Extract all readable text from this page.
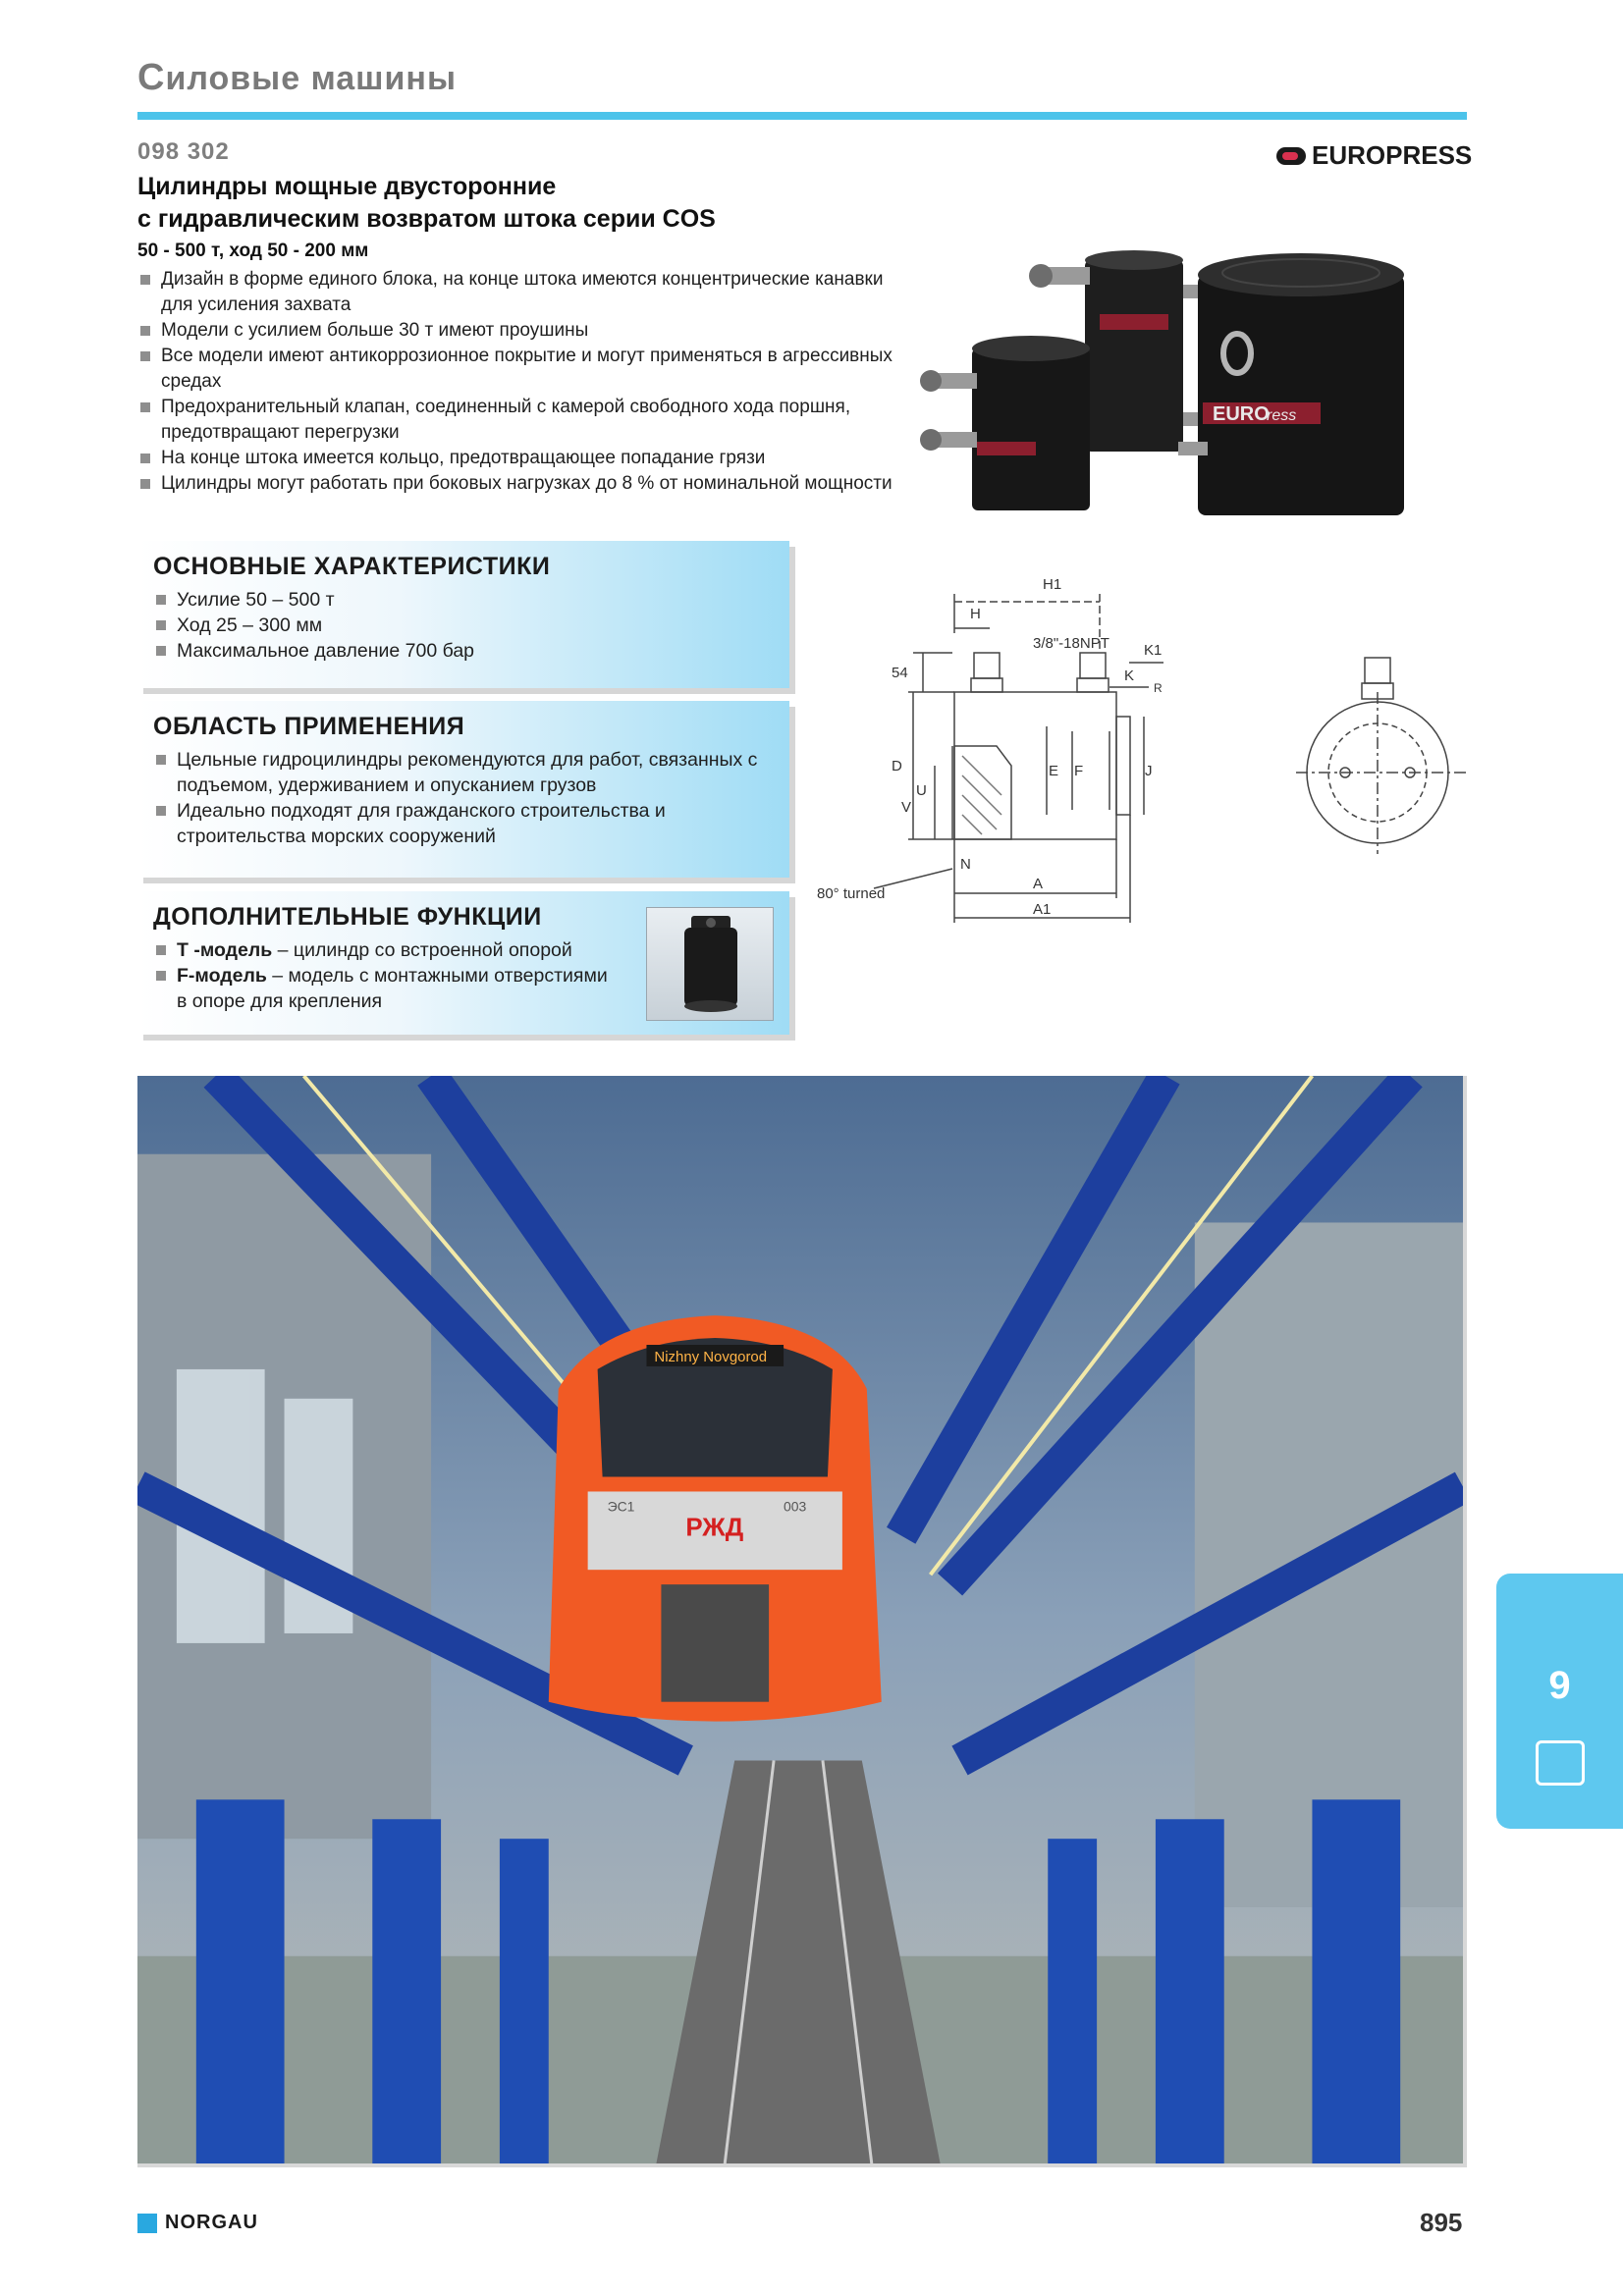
Силовые машины
098 302	EUROPRESS
Цилиндры мощные двусторонние
с гидравлическим возвратом штока серии COS
50 - 500 т, ход 50 - 200 мм
Дизайн в форме единого блока, на конце штока имеются концентрические канавки для усиления захвата
Модели с усилием больше 30 т имеют проушины
Все модели имеют антикоррозионное покрытие и могут применяться в агрессивных средах
Предохранительный клапан, соединенный с камерой свободного хода поршня, предотвращают перегрузки
На конце штока имеется кольцо, предотвращающее попадание грязи
Цилиндры могут работать при боковых нагрузках до 8 % от номинальной мощности
EURO
ress
ОСНОВНЫЕ ХАРАКТЕРИСТИКИ
Усилие 50 – 500 т
Ход 25 – 300 мм
Максимальное давление 700 бар
ОБЛАСТЬ ПРИМЕНЕНИЯ
Цельные гидроцилиндры рекомендуются для работ, связанных с подъемом, удерживанием и опусканием грузов
Идеально подходят для гражданского строительства и строительства морских сооружений
ДОПОЛНИТЕЛЬНЫЕ ФУНКЦИИ
T -модель – цилиндр со встроенной опорой
F-модель – модель с монтажными отверстиями в опоре для крепления
H1
H
3/8"-18NPT K1
K
R
54
D
U
V
E F	J
N
A
A1
80° turned
Nizhny Novgorod
РЖД
ЭС1	003
9
NORGAU	895
